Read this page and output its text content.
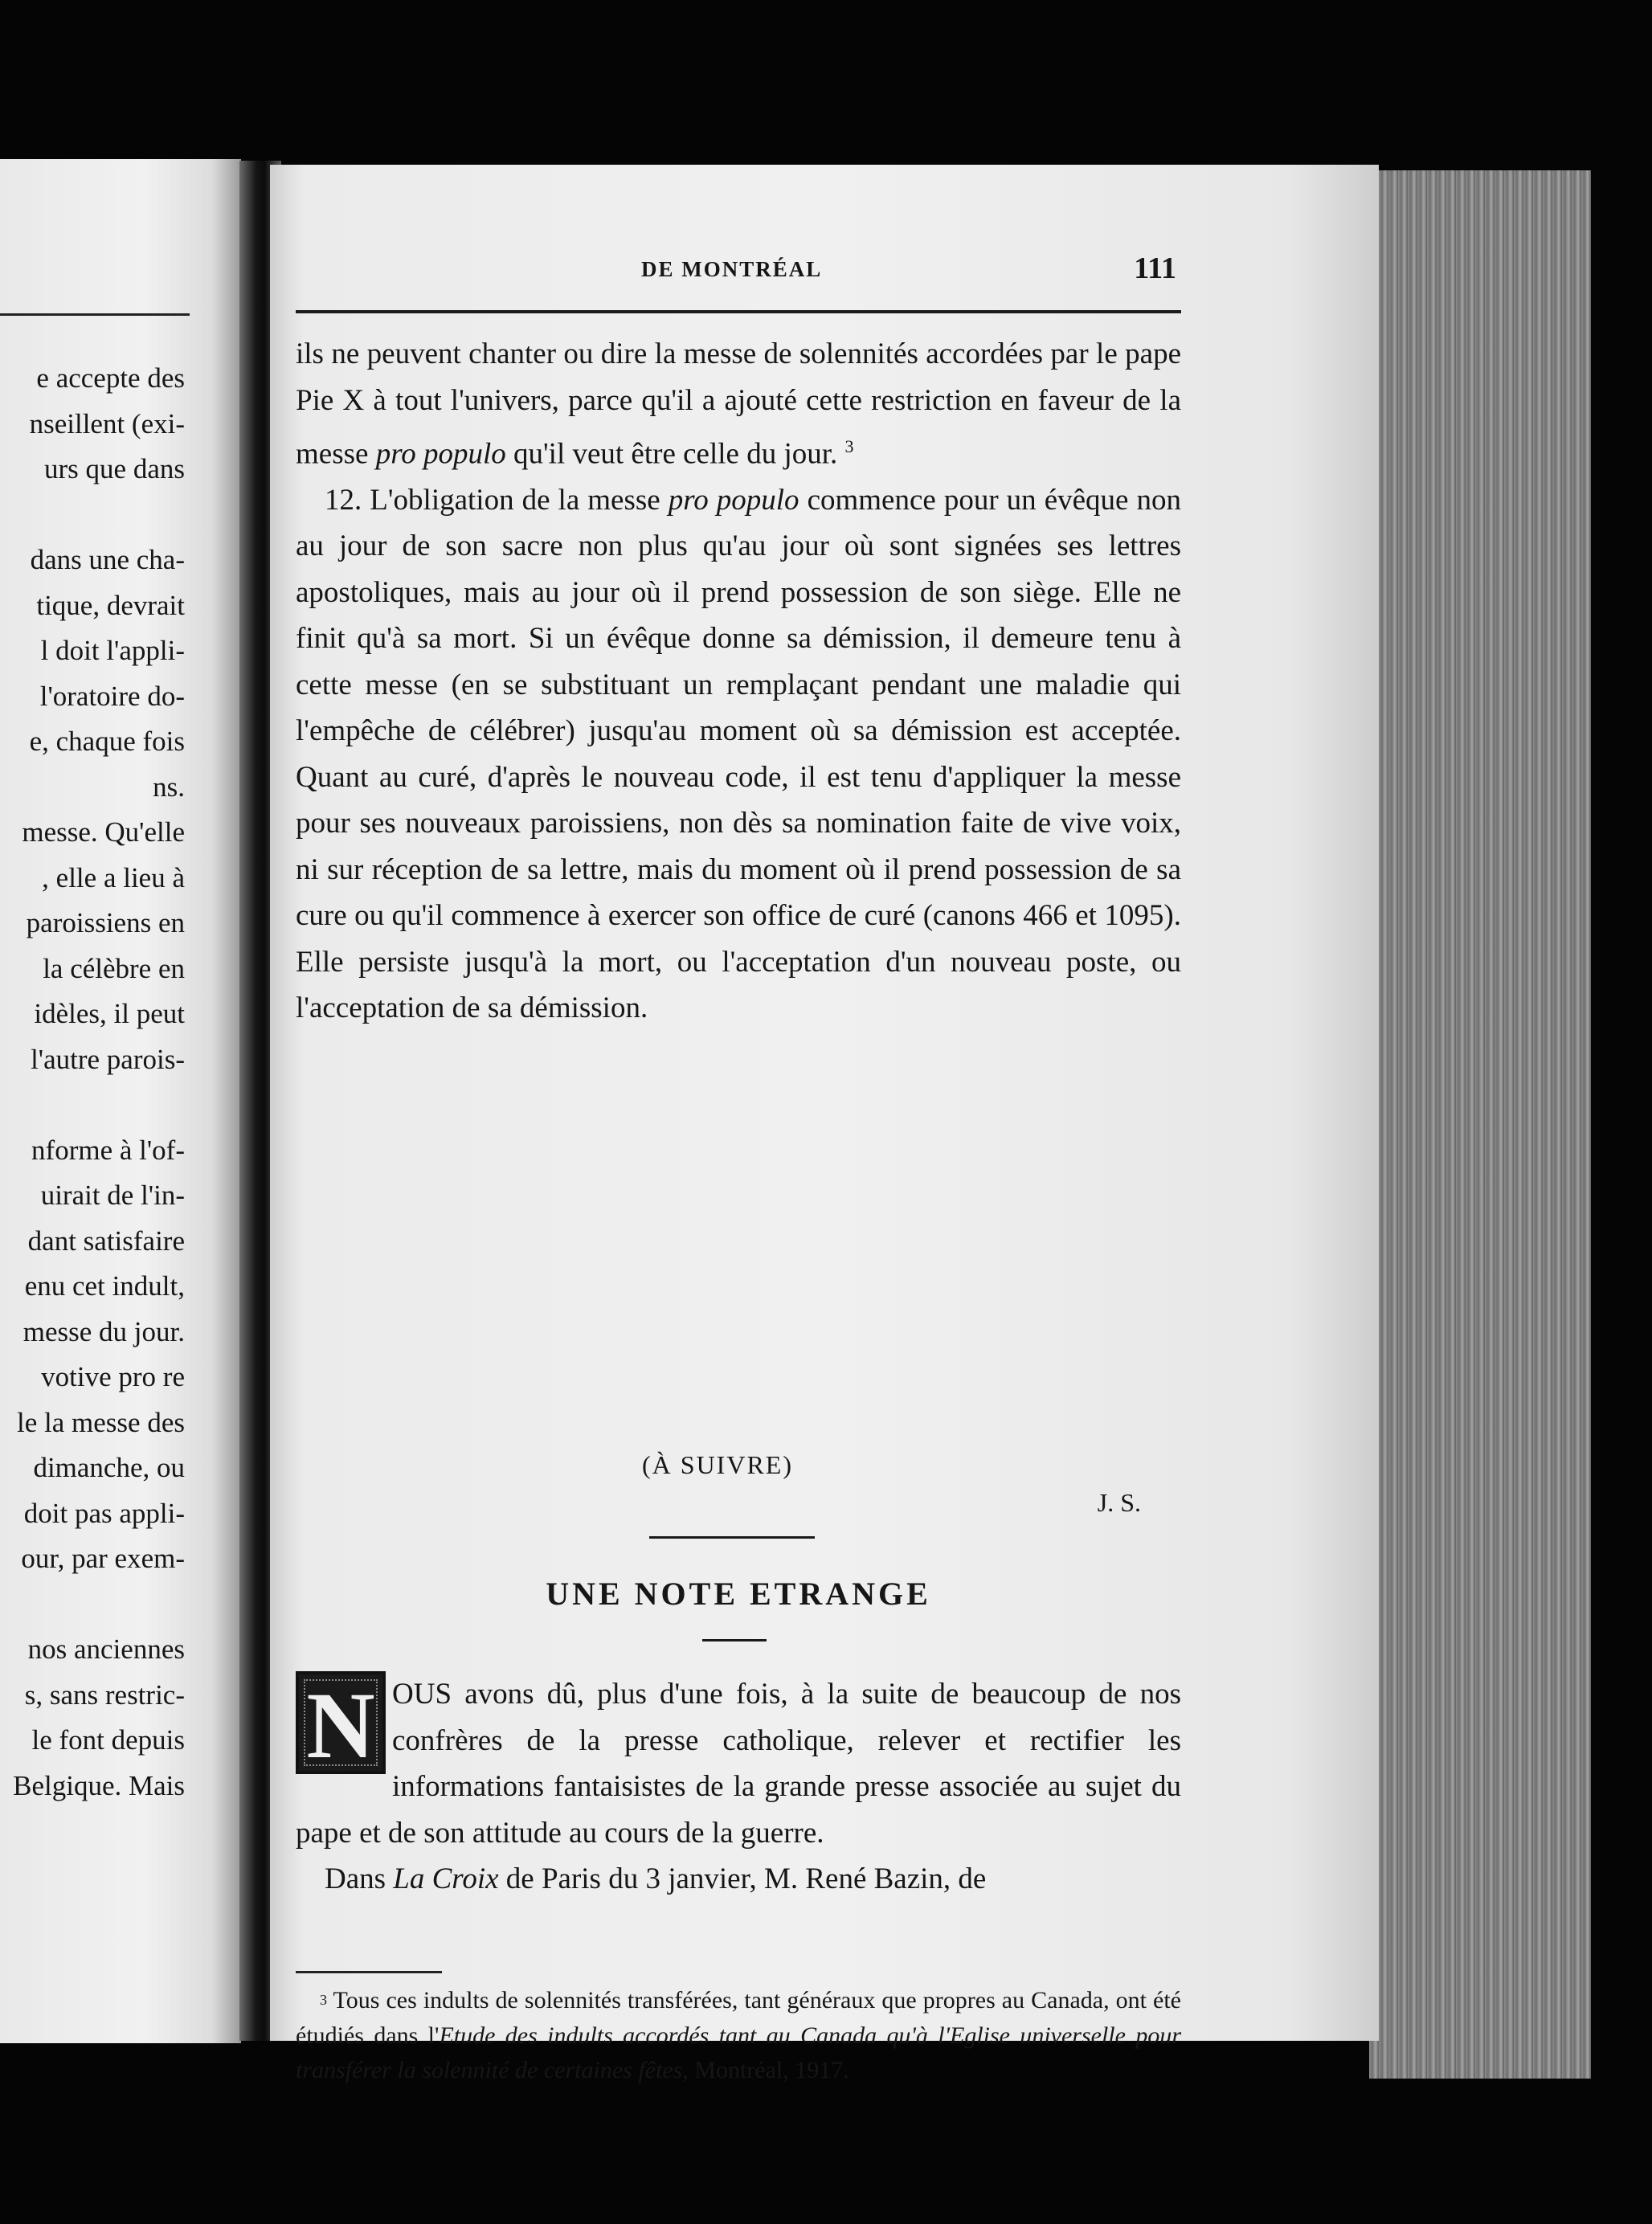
e accepte des
nseillent (exi-
urs que dans
dans une cha-
tique, devrait
l doit l'appli-
l'oratoire do-
e, chaque fois
ns.
messe. Qu'elle
, elle a lieu à
paroissiens en
la célèbre en
idèles, il peut
l'autre parois-
nforme à l'of-
uirait de l'in-
dant satisfaire
enu cet indult,
messe du jour.
votive pro re
le la messe des
dimanche, ou
doit pas appli-
our, par exem-
nos anciennes
s, sans restric-
le font depuis
Belgique. Mais
DE MONTRÉAL	111

ils ne peuvent chanter ou dire la messe de solennités accordées par le pape Pie X à tout l'univers, parce qu'il a ajouté cette restriction en faveur de la messe pro populo qu'il veut être celle du jour. $^3$

12. L'obligation de la messe pro populo commence pour un évêque non au jour de son sacre non plus qu'au jour où sont signées ses lettres apostoliques, mais au jour où il prend possession de son siège. Elle ne finit qu'à sa mort. Si un évêque donne sa démission, il demeure tenu à cette messe (en se substituant un remplaçant pendant une maladie qui l'empêche de célébrer) jusqu'au moment où sa démission est acceptée. Quant au curé, d'après le nouveau code, il est tenu d'appliquer la messe pour ses nouveaux paroissiens, non dès sa nomination faite de vive voix, ni sur réception de sa lettre, mais du moment où il prend possession de sa cure ou qu'il commence à exercer son office de curé (canons 466 et 1095). Elle persiste jusqu'à la mort, ou l'acceptation d'un nouveau poste, ou l'acceptation de sa démission.

(À SUIVRE)
J. S.
UNE NOTE ETRANGE

OUS avons dû, plus d'une fois, à la suite de beaucoup de nos confrères de la presse catholique, relever et rectifier les informations fantaisistes de la grande presse associée au sujet du pape et de son attitude au cours de la guerre.

Dans La Croix de Paris du 3 janvier, M. René Bazin, de

N

$^3$ Tous ces indults de solennités transférées, tant généraux que propres au Canada, ont été étudiés dans l'Etude des indults accordés tant au Canada qu'à l'Eglise universelle pour transférer la solennité de certaines fêtes, Montréal, 1917.
